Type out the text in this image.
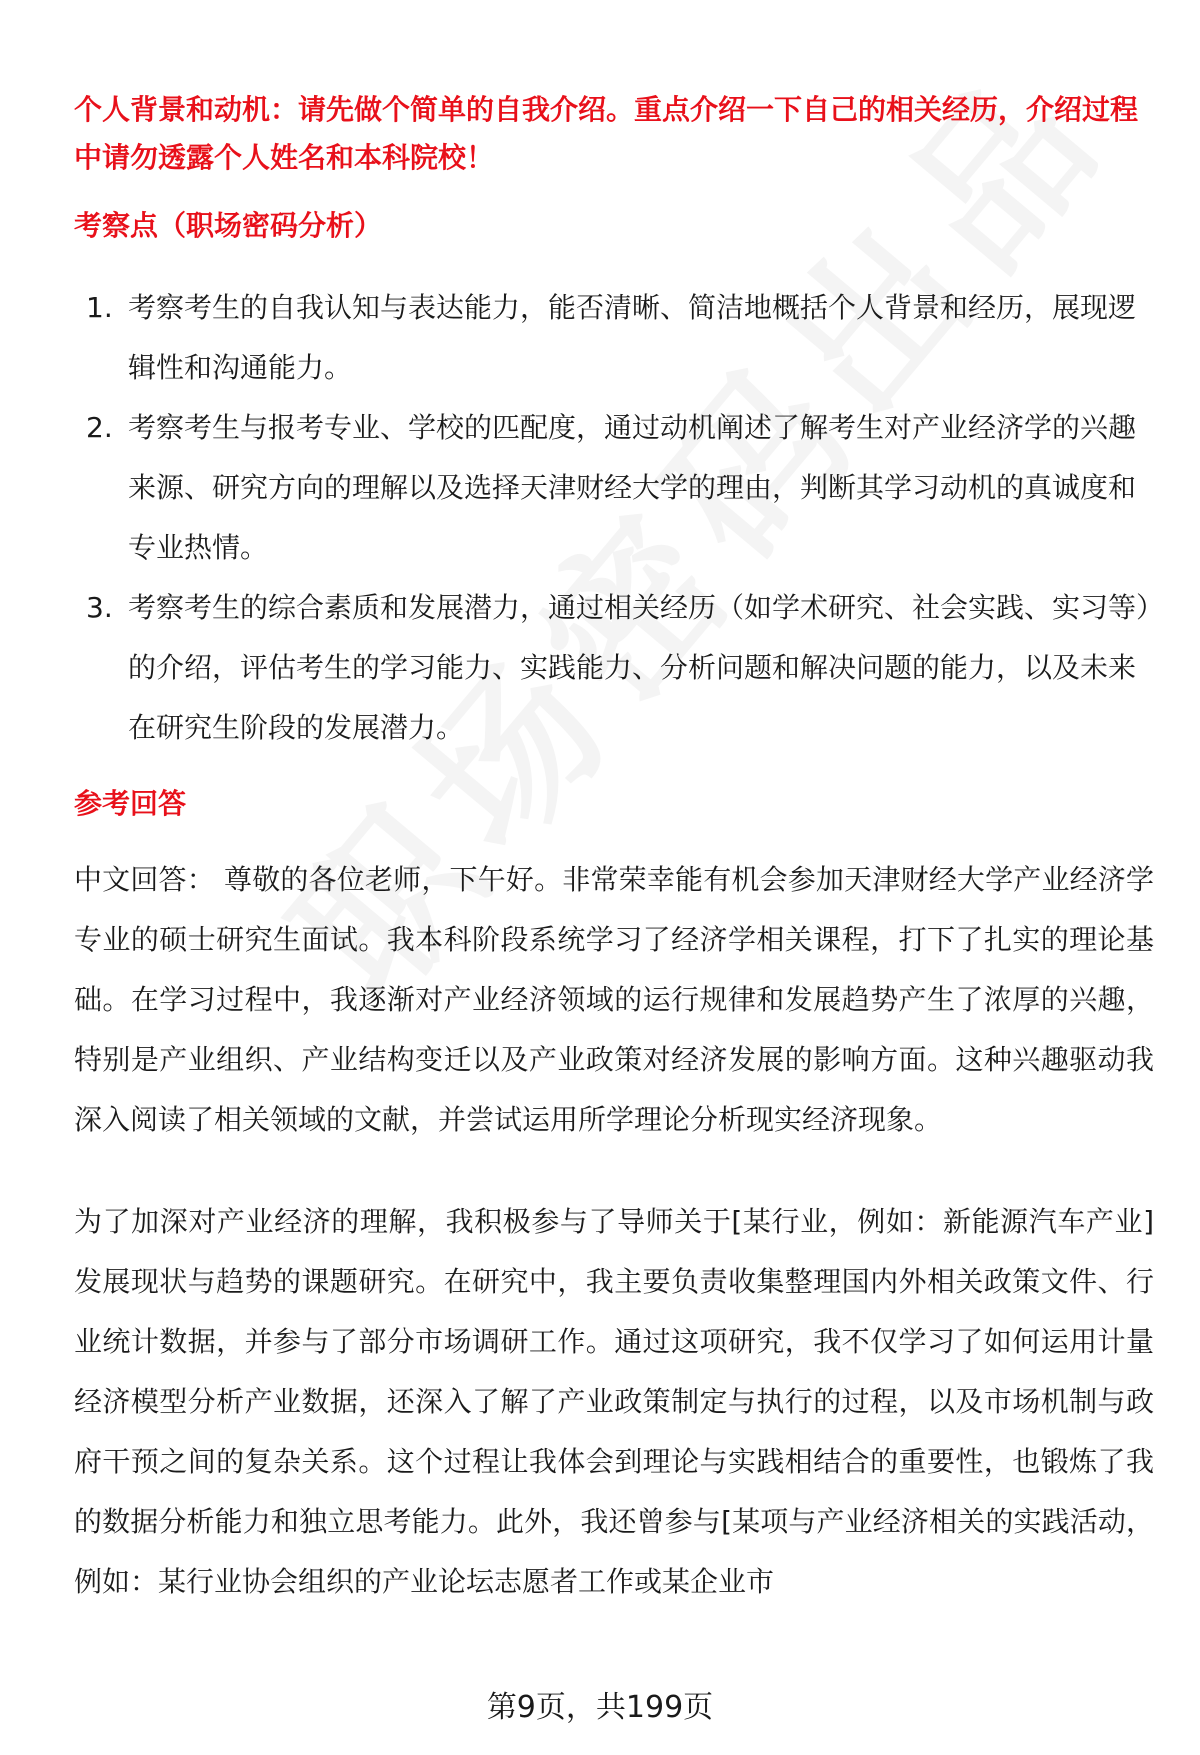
个人背景和动机：请先做个简单的自我介绍。重点介绍一下自己的相关经历，介绍过程中请勿透露个人姓名和本科院校！

考察点（职场密码分析）

1. 考察考生的自我认知与表达能力，能否清晰、简洁地概括个人背景和经历，展现逻辑性和沟通能力。
2. 考察考生与报考专业、学校的匹配度，通过动机阐述了解考生对产业经济学的兴趣来源、研究方向的理解以及选择天津财经大学的理由，判断其学习动机的真诚度和专业热情。
3. 考察考生的综合素质和发展潜力，通过相关经历（如学术研究、社会实践、实习等）的介绍，评估考生的学习能力、实践能力、分析问题和解决问题的能力，以及未来在研究生阶段的发展潜力。

参考回答

中文回答： 尊敬的各位老师，下午好。非常荣幸能有机会参加天津财经大学产业经济学专业的硕士研究生面试。我本科阶段系统学习了经济学相关课程，打下了扎实的理论基础。在学习过程中，我逐渐对产业经济领域的运行规律和发展趋势产生了浓厚的兴趣，特别是产业组织、产业结构变迁以及产业政策对经济发展的影响方面。这种兴趣驱动我深入阅读了相关领域的文献，并尝试运用所学理论分析现实经济现象。

为了加深对产业经济的理解，我积极参与了导师关于[某行业，例如：新能源汽车产业]发展现状与趋势的课题研究。在研究中，我主要负责收集整理国内外相关政策文件、行业统计数据，并参与了部分市场调研工作。通过这项研究，我不仅学习了如何运用计量经济模型分析产业数据，还深入了解了产业政策制定与执行的过程，以及市场机制与政府干预之间的复杂关系。这个过程让我体会到理论与实践相结合的重要性，也锻炼了我的数据分析能力和独立思考能力。此外，我还曾参与[某项与产业经济相关的实践活动，例如：某行业协会组织的产业论坛志愿者工作或某企业市

第9页，共199页
